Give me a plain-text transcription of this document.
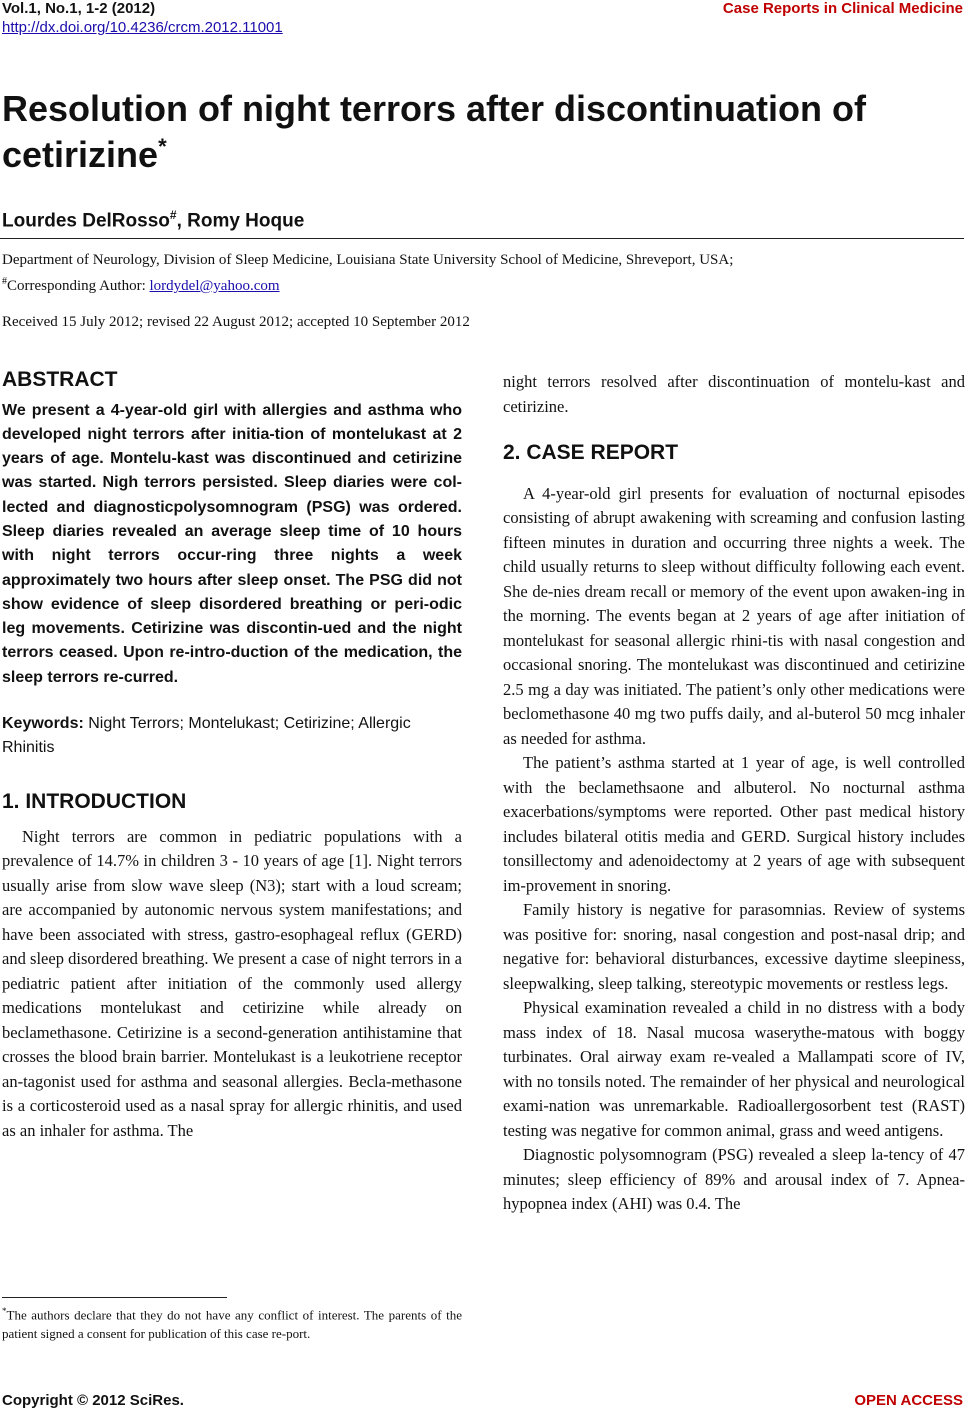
Vol.1, No.1, 1-2 (2012)
http://dx.doi.org/10.4236/crcm.2012.11001
Case Reports in Clinical Medicine
Resolution of night terrors after discontinuation of cetirizine*
Lourdes DelRosso#, Romy Hoque
Department of Neurology, Division of Sleep Medicine, Louisiana State University School of Medicine, Shreveport, USA;
#Corresponding Author: lordydel@yahoo.com
Received 15 July 2012; revised 22 August 2012; accepted 10 September 2012
ABSTRACT

We present a 4-year-old girl with allergies and asthma who developed night terrors after initia-tion of montelukast at 2 years of age. Montelu-kast was discontinued and cetirizine was started. Nigh terrors persisted. Sleep diaries were col-lected and diagnosticpolysomnogram (PSG) was ordered. Sleep diaries revealed an average sleep time of 10 hours with night terrors occur-ring three nights a week approximately two hours after sleep onset. The PSG did not show evidence of sleep disordered breathing or peri-odic leg movements. Cetirizine was discontin-ued and the night terrors ceased. Upon re-intro-duction of the medication, the sleep terrors re-curred.

Keywords: Night Terrors; Montelukast; Cetirizine; Allergic Rhinitis

1. INTRODUCTION

Night terrors are common in pediatric populations with a prevalence of 14.7% in children 3 - 10 years of age [1]. Night terrors usually arise from slow wave sleep (N3); start with a loud scream; are accompanied by autonomic nervous system manifestations; and have been associated with stress, gastro-esophageal reflux (GERD) and sleep disordered breathing. We present a case of night terrors in a pediatric patient after initiation of the commonly used allergy medications montelukast and cetirizine while already on beclamethasone. Cetirizine is a second-generation antihistamine that crosses the blood brain barrier. Montelukast is a leukotriene receptor an-tagonist used for asthma and seasonal allergies. Becla-methasone is a corticosteroid used as a nasal spray for allergic rhinitis, and used as an inhaler for asthma. The

*The authors declare that they do not have any conflict of interest. The parents of the patient signed a consent for publication of this case re-port.

night terrors resolved after discontinuation of montelu-kast and cetirizine.

2. CASE REPORT

A 4-year-old girl presents for evaluation of nocturnal episodes consisting of abrupt awakening with screaming and confusion lasting fifteen minutes in duration and occurring three nights a week. The child usually returns to sleep without difficulty following each event. She de-nies dream recall or memory of the event upon awaken-ing in the morning. The events began at 2 years of age after initiation of montelukast for seasonal allergic rhini-tis with nasal congestion and occasional snoring. The montelukast was discontinued and cetirizine 2.5 mg a day was initiated. The patient’s only other medications were beclomethasone 40 mg two puffs daily, and al-buterol 50 mcg inhaler as needed for asthma.

The patient’s asthma started at 1 year of age, is well controlled with the beclamethsaone and albuterol. No nocturnal asthma exacerbations/symptoms were reported. Other past medical history includes bilateral otitis media and GERD. Surgical history includes tonsillectomy and adenoidectomy at 2 years of age with subsequent im-provement in snoring.

Family history is negative for parasomnias. Review of systems was positive for: snoring, nasal congestion and post-nasal drip; and negative for: behavioral disturbances, excessive daytime sleepiness, sleepwalking, sleep talking, stereotypic movements or restless legs.

Physical examination revealed a child in no distress with a body mass index of 18. Nasal mucosa waserythe-matous with boggy turbinates. Oral airway exam re-vealed a Mallampati score of IV, with no tonsils noted. The remainder of her physical and neurological exami-nation was unremarkable. Radioallergosorbent test (RAST) testing was negative for common animal, grass and weed antigens.

Diagnostic polysomnogram (PSG) revealed a sleep la-tency of 47 minutes; sleep efficiency of 89% and arousal index of 7. Apnea-hypopnea index (AHI) was 0.4. The

Copyright © 2012 SciRes.	OPEN ACCESS
